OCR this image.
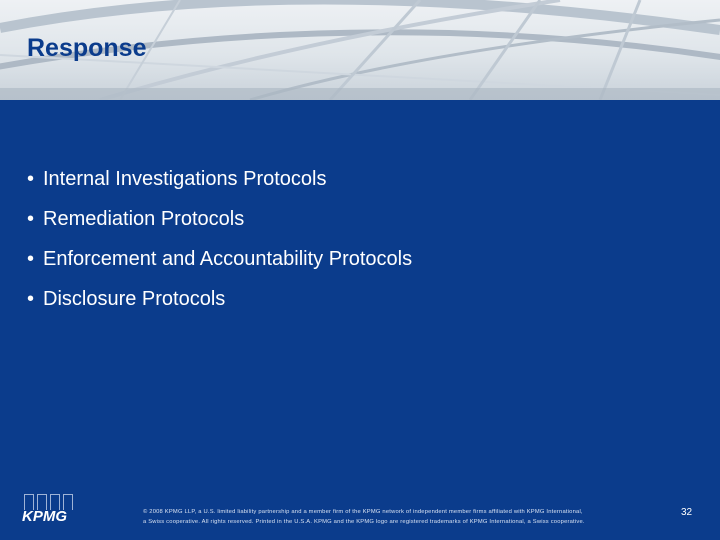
Response
• Internal Investigations Protocols
• Remediation Protocols
• Enforcement and Accountability Protocols
• Disclosure Protocols
KPMG	© 2008 KPMG LLP, a U.S. limited liability partnership and a member firm of the KPMG network of independent member firms affiliated with KPMG International,
a Swiss cooperative. All rights reserved. Printed in the U.S.A. KPMG and the KPMG logo are registered trademarks of KPMG International, a Swiss cooperative.
32
